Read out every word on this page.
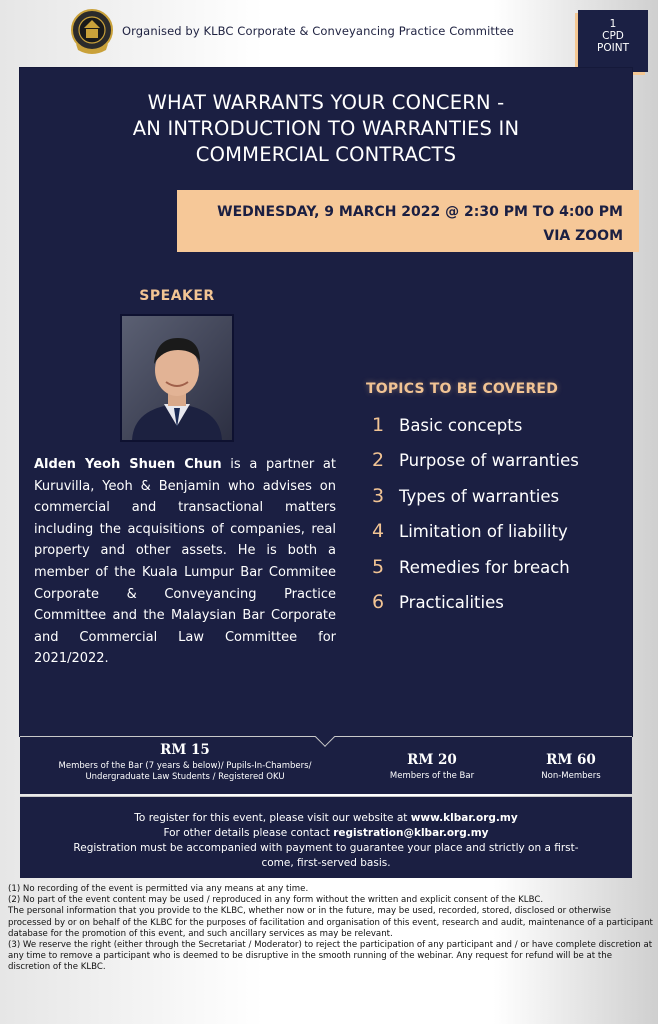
Organised by KLBC Corporate & Conveyancing Practice Committee	1
CPD
POINT
WHAT WARRANTS YOUR CONCERN -
AN INTRODUCTION TO WARRANTIES IN
COMMERCIAL CONTRACTS
WEDNESDAY, 9 MARCH 2022 @ 2:30 PM TO 4:00 PM
VIA ZOOM
SPEAKER
Alden Yeoh Shuen Chun is a partner at Kuruvilla, Yeoh & Benjamin who advises on commercial and transactional matters including the acquisitions of companies, real property and other assets. He is both a member of the Kuala Lumpur Bar Commitee Corporate & Conveyancing Practice Committee and the Malaysian Bar Corporate and Commercial Law Committee for 2021/2022.
TOPICS TO BE COVERED
1 Basic concepts
2 Purpose of warranties
3 Types of warranties
4 Limitation of liability
5 Remedies for breach
6 Practicalities
RM 15
Members of the Bar (7 years & below)/ Pupils-In-Chambers/
Undergraduate Law Students / Registered OKU
RM 20
Members of the Bar
RM 60
Non-Members
To register for this event, please visit our website at www.klbar.org.my
For other details please contact registration@klbar.org.my
Registration must be accompanied with payment to guarantee your place and strictly on a first-come, first-served basis.
(1) No recording of the event is permitted via any means at any time.
(2) No part of the event content may be used / reproduced in any form without the written and explicit consent of the KLBC.
The personal information that you provide to the KLBC, whether now or in the future, may be used, recorded, stored, disclosed or otherwise processed by or on behalf of the KLBC for the purposes of facilitation and organisation of this event, research and audit, maintenance of a participant database for the promotion of this event, and such ancillary services as may be relevant.
(3) We reserve the right (either through the Secretariat / Moderator) to reject the participation of any participant and / or have complete discretion at any time to remove a participant who is deemed to be disruptive in the smooth running of the webinar. Any request for refund will be at the discretion of the KLBC.
